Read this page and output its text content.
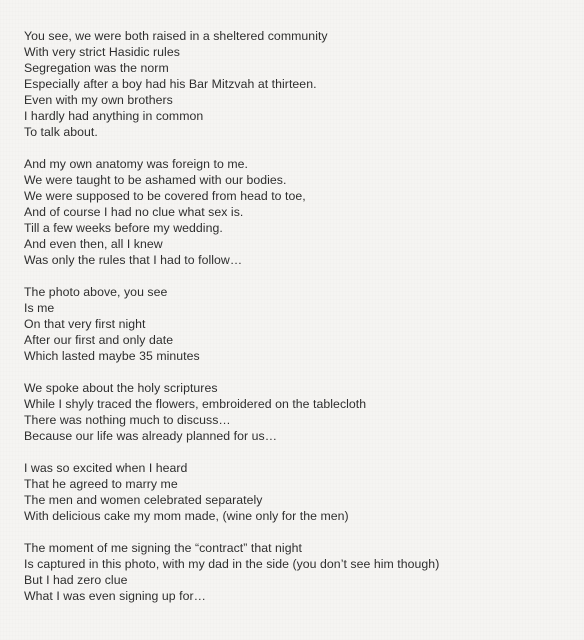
You see, we were both raised in a sheltered community
With very strict Hasidic rules
Segregation was the norm
Especially after a boy had his Bar Mitzvah at thirteen.
Even with my own brothers
I hardly had anything in common
To talk about.
And my own anatomy was foreign to me.
We were taught to be ashamed with our bodies.
We were supposed to be covered from head to toe,
And of course I had no clue what sex is.
Till a few weeks before my wedding.
And even then, all I knew
Was only the rules that I had to follow…
The photo above, you see
Is me
On that very first night
After our first and only date
Which lasted maybe 35 minutes
We spoke about the holy scriptures
While I shyly traced the flowers, embroidered on the tablecloth
There was nothing much to discuss…
Because our life was already planned for us…
I was so excited when I heard
That he agreed to marry me
The men and women celebrated separately
With delicious cake my mom made, (wine only for the men)
The moment of me signing the “contract” that night
Is captured in this photo, with my dad in the side (you don’t see him though)
But I had zero clue
What I was even signing up for…
